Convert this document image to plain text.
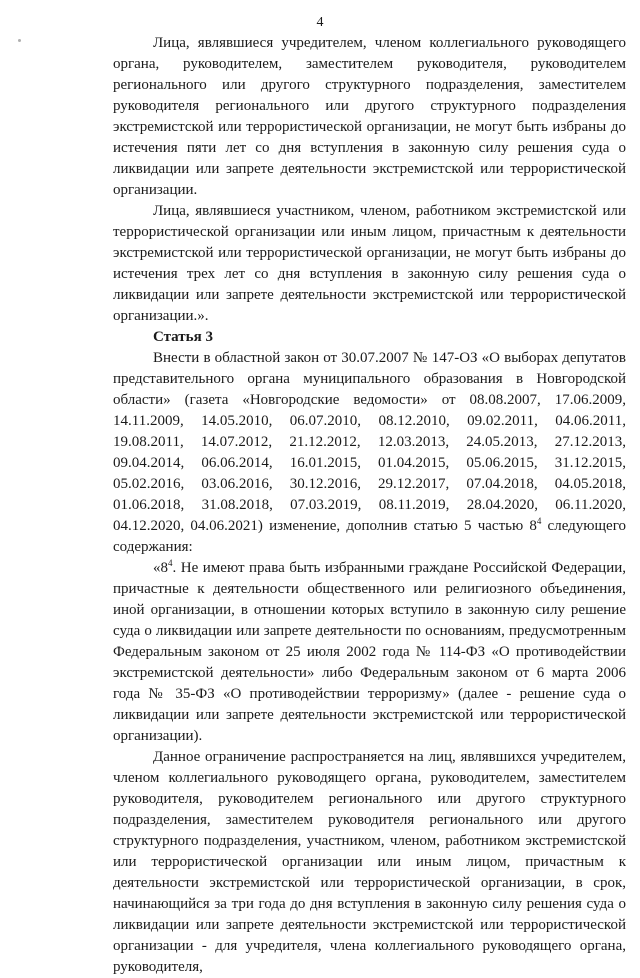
4

Лица, являвшиеся учредителем, членом коллегиального руководящего органа, руководителем, заместителем руководителя, руководителем регионального или другого структурного подразделения, заместителем руководителя регионального или другого структурного подразделения экстремистской или террористической организации, не могут быть избраны до истечения пяти лет со дня вступления в законную силу решения суда о ликвидации или запрете деятельности экстремистской или террористической организации.

Лица, являвшиеся участником, членом, работником экстремистской или террористической организации или иным лицом, причастным к деятельности экстремистской или террористической организации, не могут быть избраны до истечения трех лет со дня вступления в законную силу решения суда о ликвидации или запрете деятельности экстремистской или террористической организации.».

Статья 3

Внести в областной закон от 30.07.2007 № 147-ОЗ «О выборах депутатов представительного органа муниципального образования в Новгородской области» (газета «Новгородские ведомости» от 08.08.2007, 17.06.2009, 14.11.2009, 14.05.2010, 06.07.2010, 08.12.2010, 09.02.2011, 04.06.2011, 19.08.2011, 14.07.2012, 21.12.2012, 12.03.2013, 24.05.2013, 27.12.2013, 09.04.2014, 06.06.2014, 16.01.2015, 01.04.2015, 05.06.2015, 31.12.2015, 05.02.2016, 03.06.2016, 30.12.2016, 29.12.2017, 07.04.2018, 04.05.2018, 01.06.2018, 31.08.2018, 07.03.2019, 08.11.2019, 28.04.2020, 06.11.2020, 04.12.2020, 04.06.2021) изменение, дополнив статью 5 частью $8^4$ следующего содержания:

«$8^4$. Не имеют права быть избранными граждане Российской Федерации, причастные к деятельности общественного или религиозного объединения, иной организации, в отношении которых вступило в законную силу решение суда о ликвидации или запрете деятельности по основаниям, предусмотренным Федеральным законом от 25 июля 2002 года № 114-ФЗ «О противодействии экстремистской деятельности» либо Федеральным законом от 6 марта 2006 года № 35-ФЗ «О противодействии терроризму» (далее - решение суда о ликвидации или запрете деятельности экстремистской или террористической организации).

Данное ограничение распространяется на лиц, являвшихся учредителем, членом коллегиального руководящего органа, руководителем, заместителем руководителя, руководителем регионального или другого структурного подразделения, заместителем руководителя регионального или другого структурного подразделения, участником, членом, работником экстремистской или террористической организации или иным лицом, причастным к деятельности экстремистской или террористической организации, в срок, начинающийся за три года до дня вступления в законную силу решения суда о ликвидации или запрете деятельности экстремистской или террористической организации - для учредителя, члена коллегиального руководящего органа, руководителя,
